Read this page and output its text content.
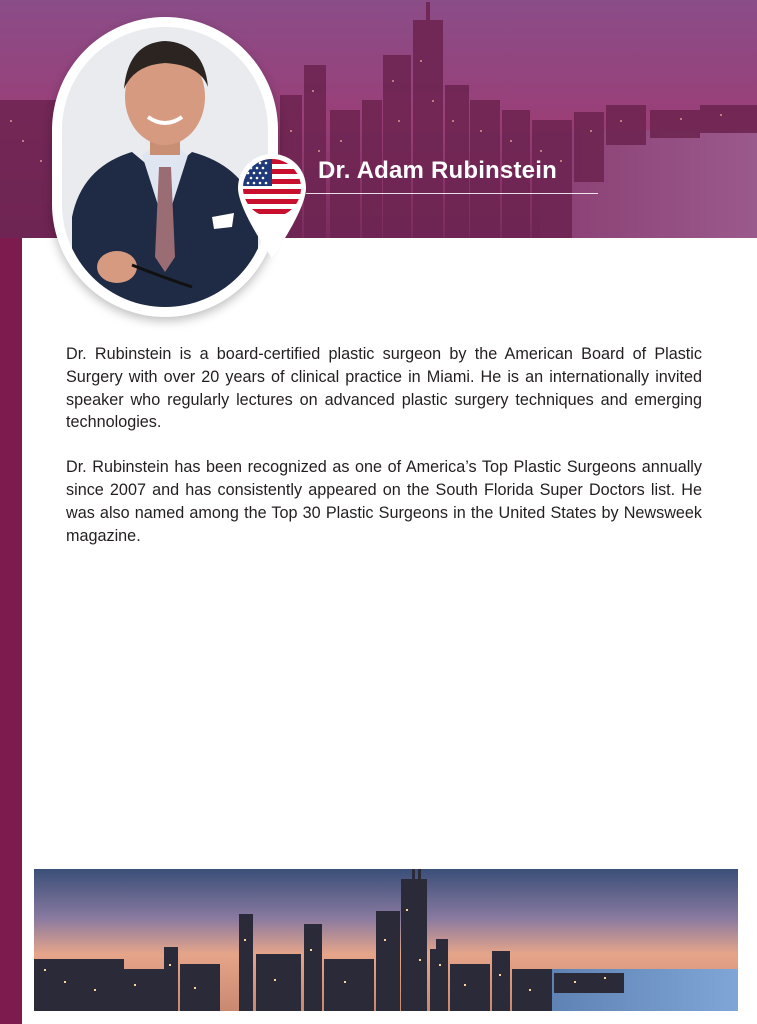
Dr. Adam Rubinstein

Dr. Rubinstein is a board-certified plastic surgeon by the American Board of Plastic Surgery with over 20 years of clinical practice in Miami. He is an internationally invited speaker who regularly lectures on advanced plastic surgery techniques and emerging technologies.

Dr. Rubinstein has been recognized as one of America’s Top Plastic Surgeons annually since 2007 and has consistently appeared on the South Florida Super Doctors list. He was also named among the Top 30 Plastic Surgeons in the United States by Newsweek magazine.
